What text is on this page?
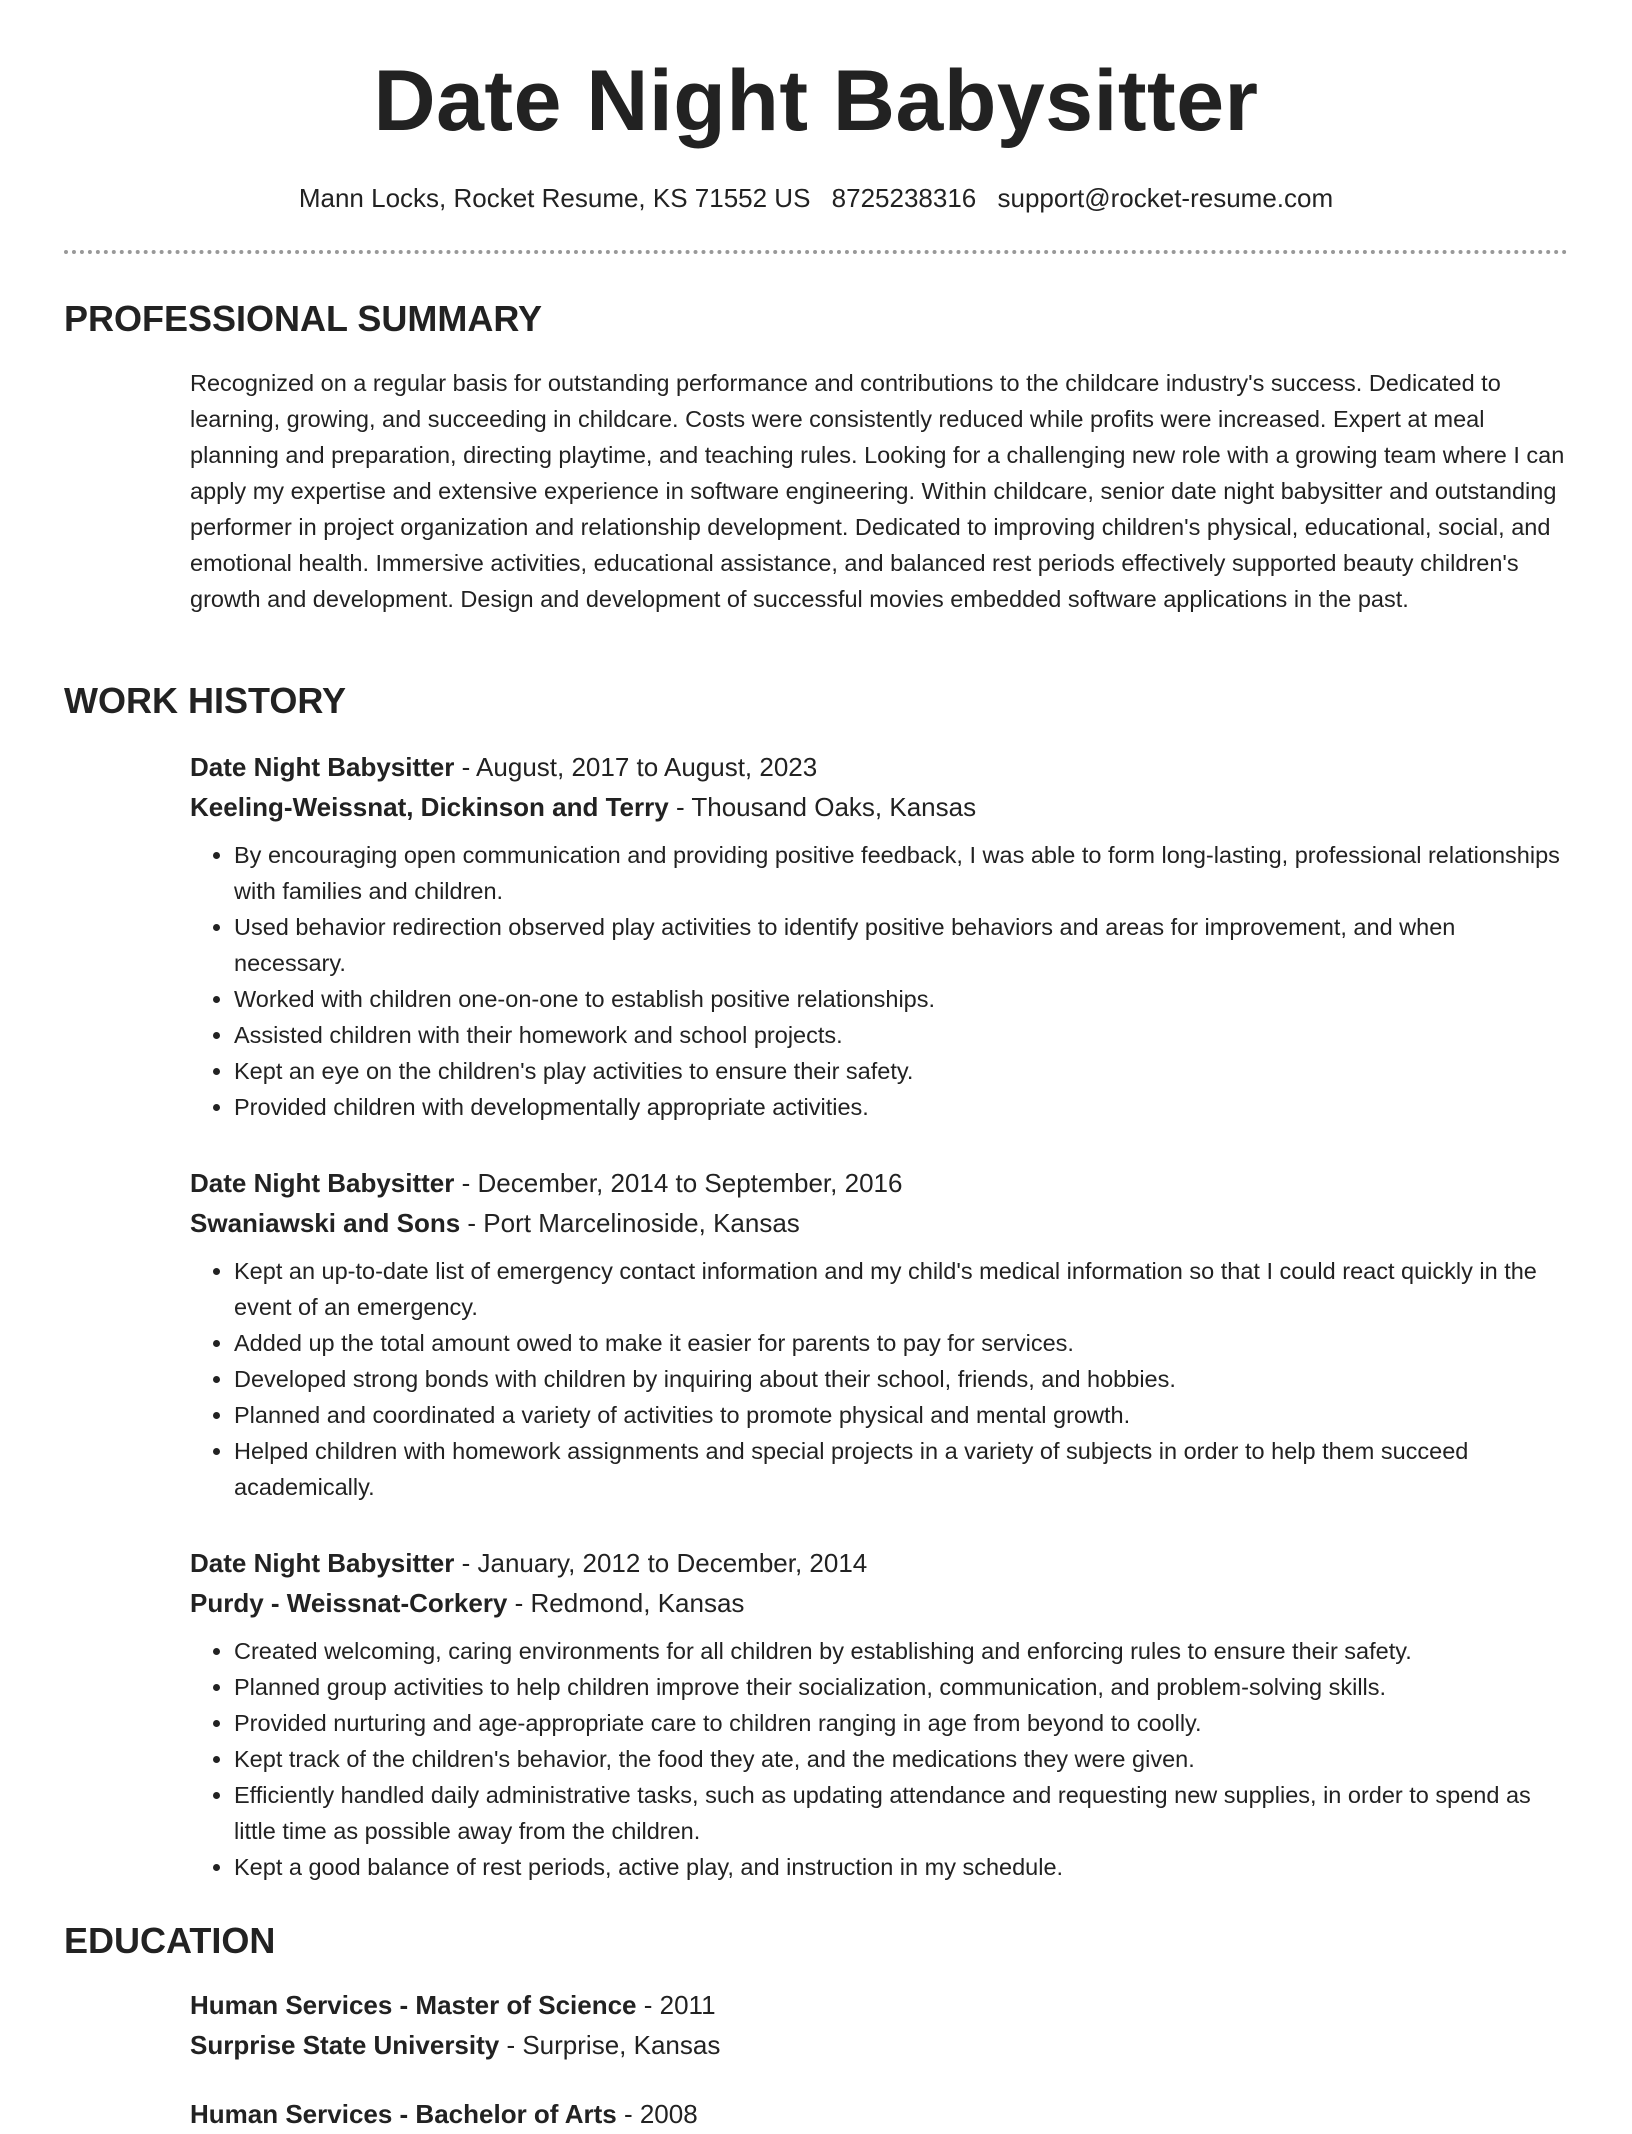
Date Night Babysitter
Mann Locks, Rocket Resume, KS 71552 US 8725238316 support@rocket-resume.com
PROFESSIONAL SUMMARY
Recognized on a regular basis for outstanding performance and contributions to the childcare industry's success. Dedicated to learning, growing, and succeeding in childcare. Costs were consistently reduced while profits were increased. Expert at meal planning and preparation, directing playtime, and teaching rules. Looking for a challenging new role with a growing team where I can apply my expertise and extensive experience in software engineering. Within childcare, senior date night babysitter and outstanding performer in project organization and relationship development. Dedicated to improving children's physical, educational, social, and emotional health. Immersive activities, educational assistance, and balanced rest periods effectively supported beauty children's growth and development. Design and development of successful movies embedded software applications in the past.
WORK HISTORY
Date Night Babysitter - August, 2017 to August, 2023
Keeling-Weissnat, Dickinson and Terry - Thousand Oaks, Kansas
• By encouraging open communication and providing positive feedback, I was able to form long-lasting, professional relationships with families and children.
• Used behavior redirection observed play activities to identify positive behaviors and areas for improvement, and when necessary.
• Worked with children one-on-one to establish positive relationships.
• Assisted children with their homework and school projects.
• Kept an eye on the children's play activities to ensure their safety.
• Provided children with developmentally appropriate activities.
Date Night Babysitter - December, 2014 to September, 2016
Swaniawski and Sons - Port Marcelinoside, Kansas
• Kept an up-to-date list of emergency contact information and my child's medical information so that I could react quickly in the event of an emergency.
• Added up the total amount owed to make it easier for parents to pay for services.
• Developed strong bonds with children by inquiring about their school, friends, and hobbies.
• Planned and coordinated a variety of activities to promote physical and mental growth.
• Helped children with homework assignments and special projects in a variety of subjects in order to help them succeed academically.
Date Night Babysitter - January, 2012 to December, 2014
Purdy - Weissnat-Corkery - Redmond, Kansas
• Created welcoming, caring environments for all children by establishing and enforcing rules to ensure their safety.
• Planned group activities to help children improve their socialization, communication, and problem-solving skills.
• Provided nurturing and age-appropriate care to children ranging in age from beyond to coolly.
• Kept track of the children's behavior, the food they ate, and the medications they were given.
• Efficiently handled daily administrative tasks, such as updating attendance and requesting new supplies, in order to spend as little time as possible away from the children.
• Kept a good balance of rest periods, active play, and instruction in my schedule.
EDUCATION
Human Services - Master of Science - 2011
Surprise State University - Surprise, Kansas
Human Services - Bachelor of Arts - 2008
